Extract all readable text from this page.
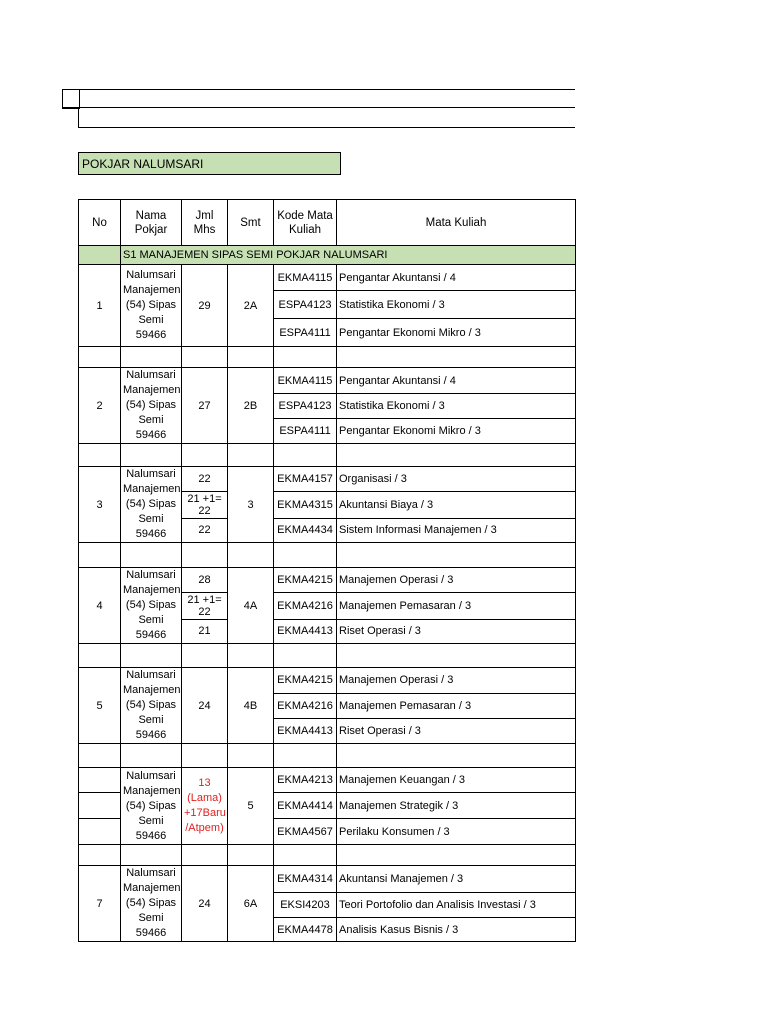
POKJAR NALUMSARI
No	Nama Pokjar	Jml Mhs	Smt	Kode Mata Kuliah	Mata Kuliah
	S1 MANAJEMEN SIPAS SEMI POKJAR NALUMSARI				
1	Nalumsari Manajemen (54) Sipas Semi 59466	29	2A	EKMA4115	Pengantar Akuntansi / 4
				ESPA4123	Statistika Ekonomi / 3
				ESPA4111	Pengantar Ekonomi Mikro / 3

2	Nalumsari Manajemen (54) Sipas Semi 59466	27	2B	EKMA4115	Pengantar Akuntansi / 4
				ESPA4123	Statistika Ekonomi / 3
				ESPA4111	Pengantar Ekonomi Mikro / 3

3	Nalumsari Manajemen (54) Sipas Semi 59466	22	3	EKMA4157	Organisasi / 3
		21 +1= 22		EKMA4315	Akuntansi Biaya / 3
		22		EKMA4434	Sistem Informasi Manajemen / 3

4	Nalumsari Manajemen (54) Sipas Semi 59466	28	4A	EKMA4215	Manajemen Operasi / 3
		21 +1= 22		EKMA4216	Manajemen Pemasaran / 3
		21		EKMA4413	Riset Operasi / 3

5	Nalumsari Manajemen (54) Sipas Semi 59466	24	4B	EKMA4215	Manajemen Operasi / 3
				EKMA4216	Manajemen Pemasaran / 3
				EKMA4413	Riset Operasi / 3

	Nalumsari Manajemen (54) Sipas Semi 59466	13 (Lama) +17Baru /Atpem)	5	EKMA4213	Manajemen Keuangan / 3
				EKMA4414	Manajemen Strategik / 3
				EKMA4567	Perilaku Konsumen / 3

7	Nalumsari Manajemen (54) Sipas Semi 59466	24	6A	EKMA4314	Akuntansi Manajemen / 3
				EKSI4203	Teori Portofolio dan Analisis Investasi / 3
				EKMA4478	Analisis Kasus Bisnis / 3
